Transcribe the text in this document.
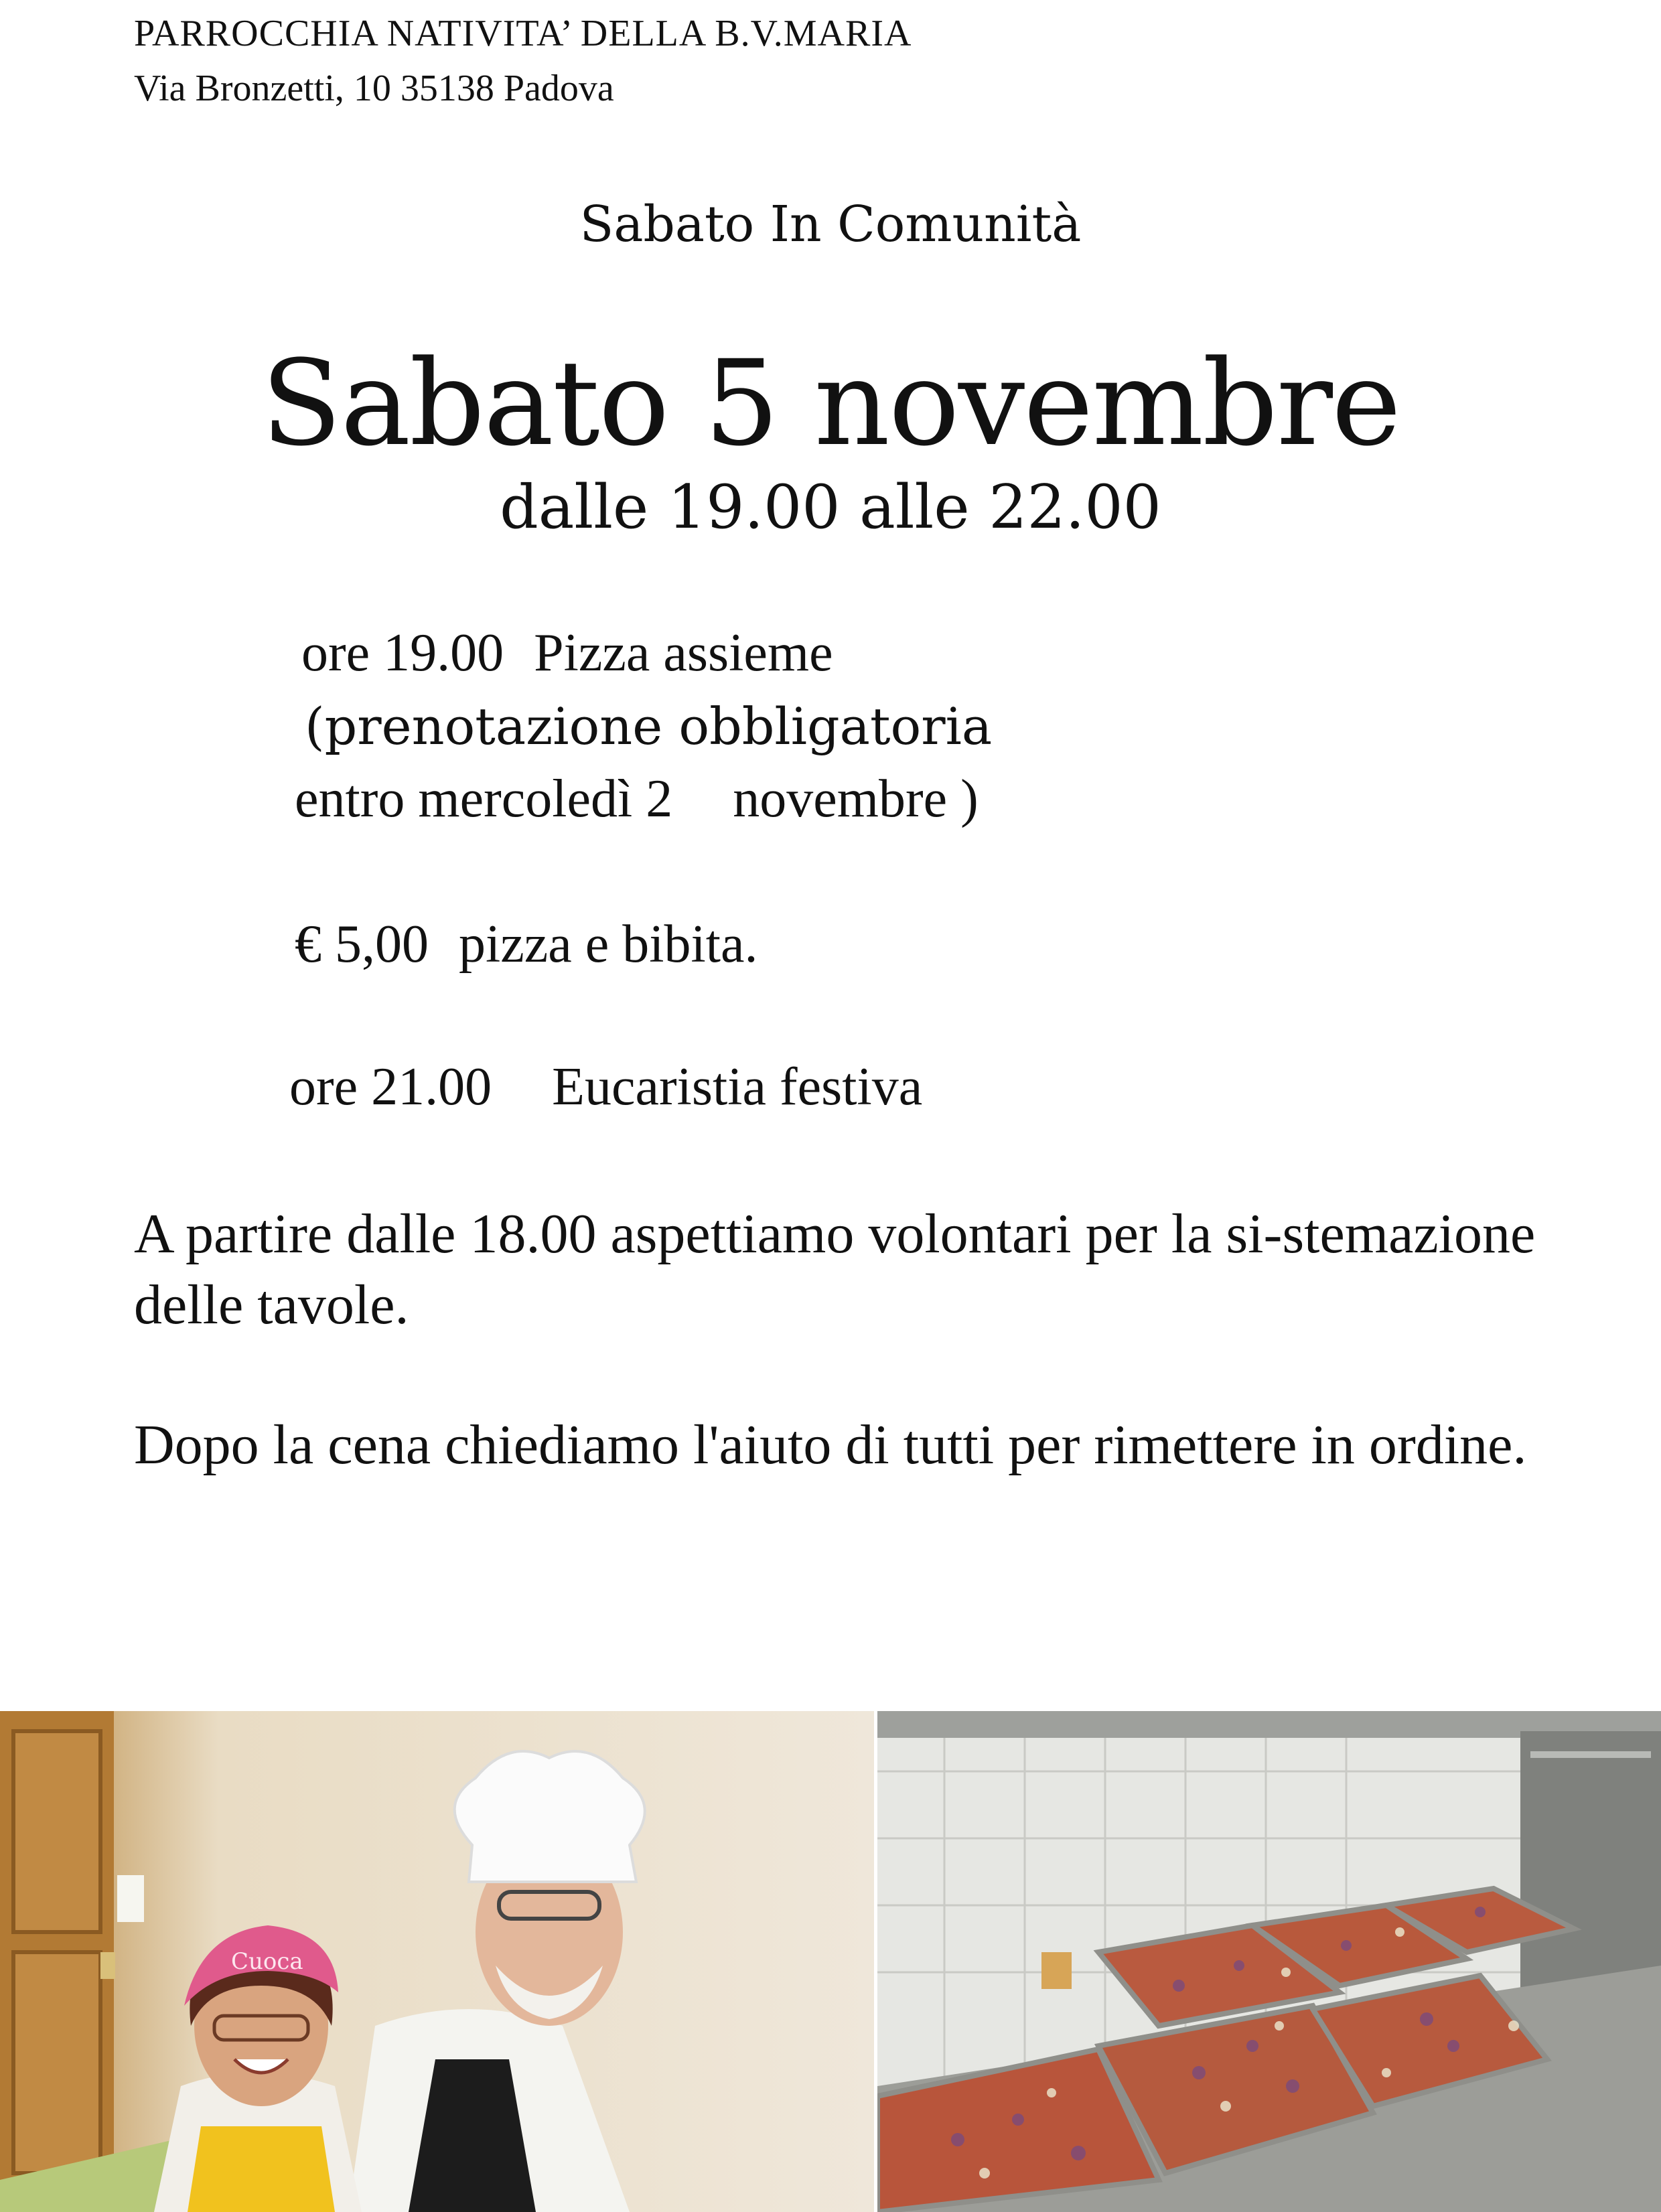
PARROCCHIA NATIVITA’ DELLA B.V.MARIA
Via Bronzetti, 10 35138 Padova
Sabato In Comunità
Sabato 5 novembre
dalle 19.00 alle 22.00
ore 19.00 Pizza assieme
(prenotazione obbligatoria
entro mercoledì 2 novembre )
€ 5,00 pizza e bibita.
ore 21.00 Eucaristia festiva
A partire dalle 18.00 aspettiamo volontari per la si-stemazione delle tavole.
Dopo la cena chiediamo l'aiuto di tutti per rimettere in ordine.
Cuoca
